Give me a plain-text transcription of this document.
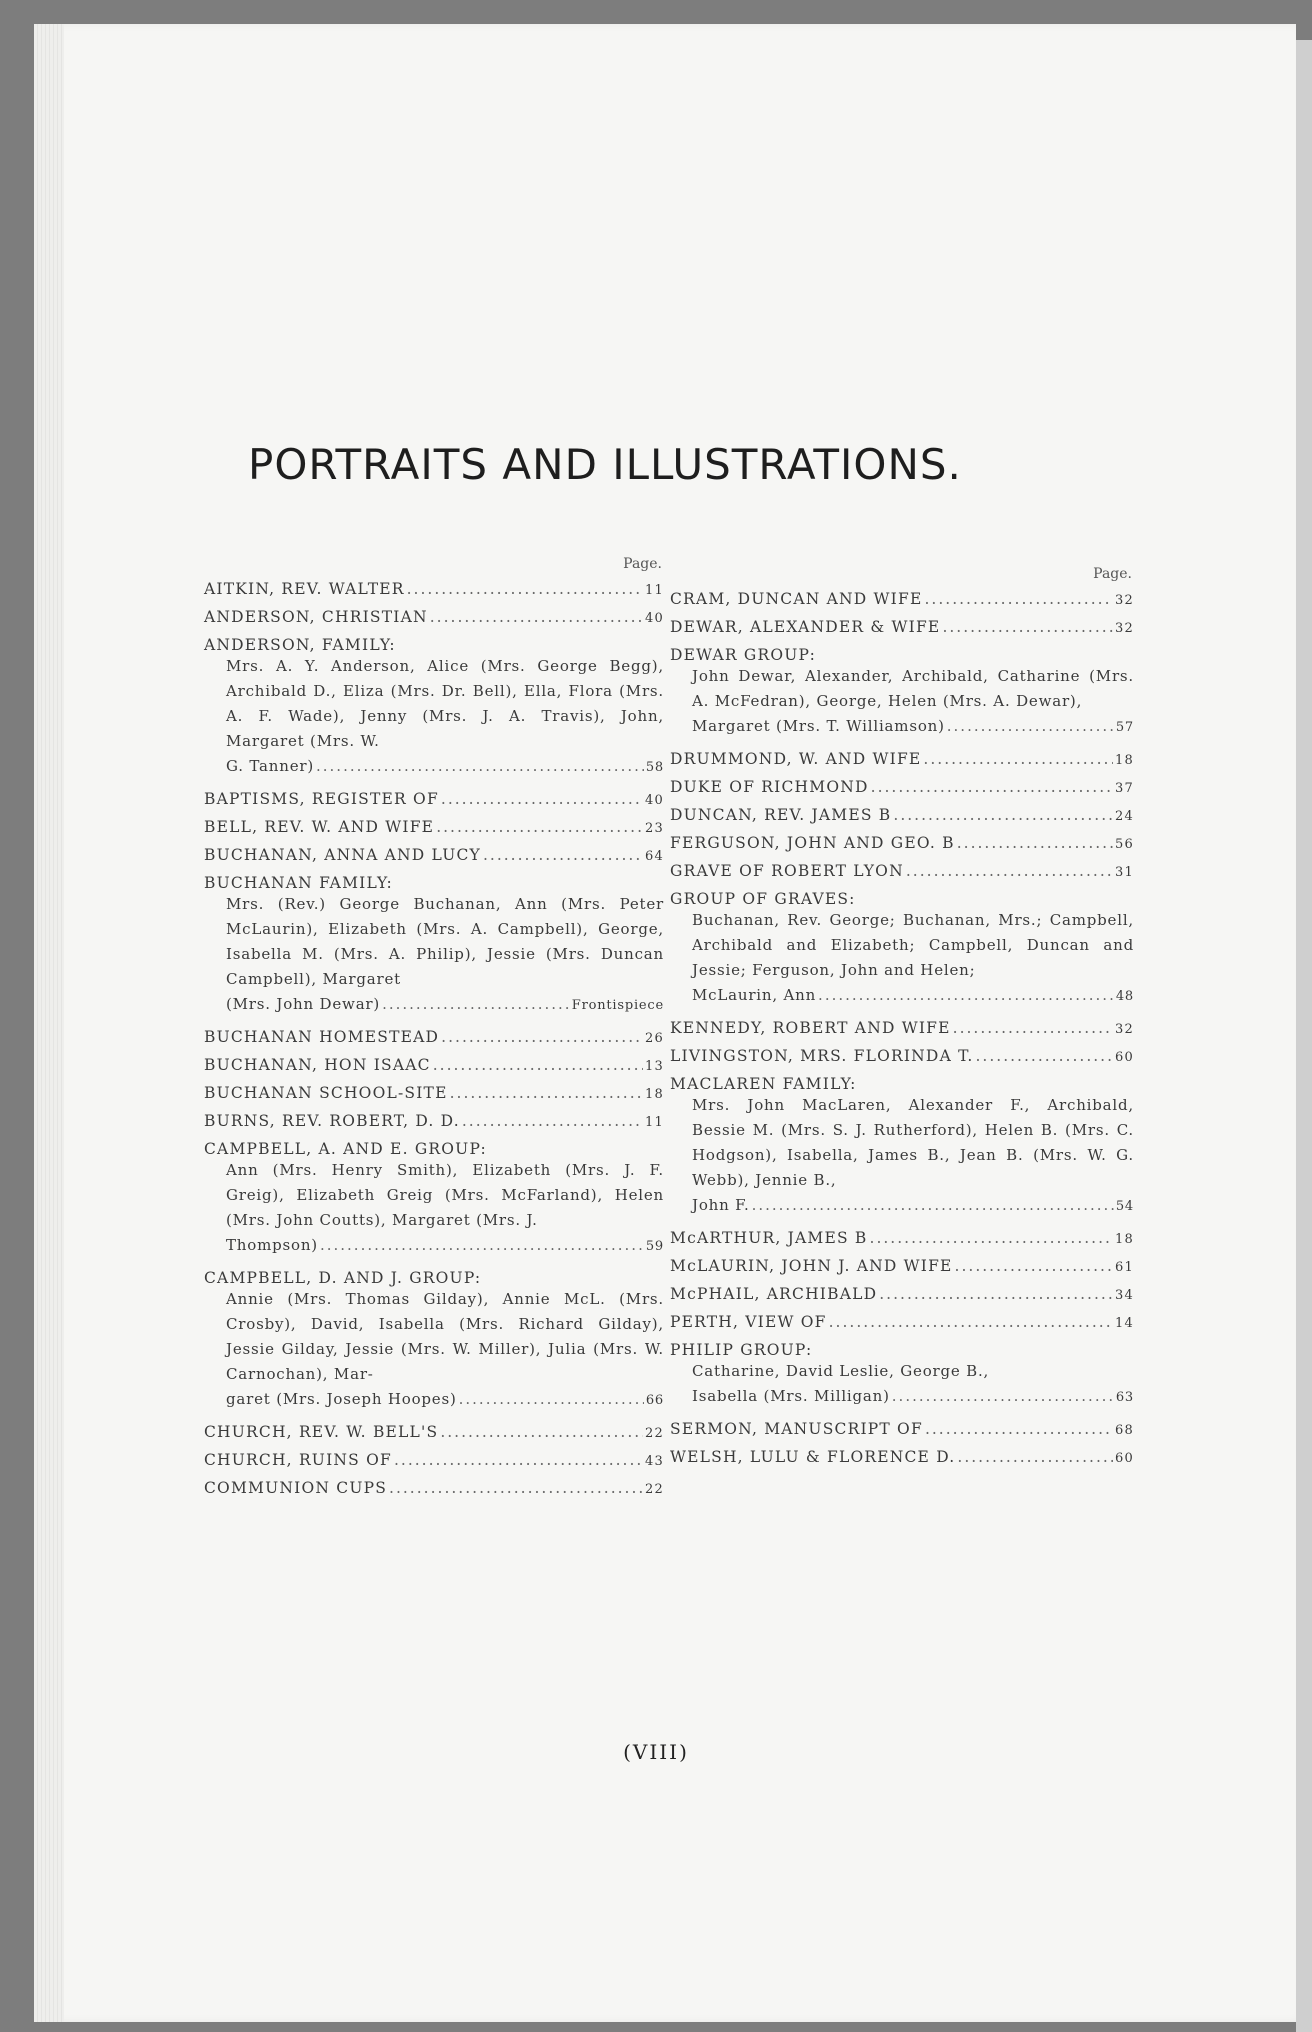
PORTRAITS AND ILLUSTRATIONS.
Page.
AITKIN, REV. WALTER .....	11
ANDERSON, CHRISTIAN .....	40
ANDERSON, FAMILY:
Mrs. A. Y. Anderson, Alice (Mrs. George Begg), Archibald D., Eliza (Mrs. Dr. Bell), Ella, Flora (Mrs. A. F. Wade), Jenny (Mrs. J. A. Travis), John, Margaret (Mrs. W.
G. Tanner) .....	58
BAPTISMS, REGISTER OF .....	40
BELL, REV. W. AND WIFE .....	23
BUCHANAN, ANNA AND LUCY .....	64
BUCHANAN FAMILY:
Mrs. (Rev.) George Buchanan, Ann (Mrs. Peter McLaurin), Elizabeth (Mrs. A. Campbell), George, Isabella M. (Mrs. A. Philip), Jessie (Mrs. Duncan Campbell), Margaret
(Mrs. John Dewar) .....	Frontispiece
BUCHANAN HOMESTEAD .....	26
BUCHANAN, HON ISAAC .....	13
BUCHANAN SCHOOL-SITE .....	18
BURNS, REV. ROBERT, D. D. .....	11
CAMPBELL, A. AND E. GROUP:
Ann (Mrs. Henry Smith), Elizabeth (Mrs. J. F. Greig), Elizabeth Greig (Mrs. McFarland), Helen (Mrs. John Coutts), Margaret (Mrs. J.
Thompson) .....	59
CAMPBELL, D. AND J. GROUP:
Annie (Mrs. Thomas Gilday), Annie McL. (Mrs. Crosby), David, Isabella (Mrs. Richard Gilday), Jessie Gilday, Jessie (Mrs. W. Miller), Julia (Mrs. W. Carnochan), Mar-
garet (Mrs. Joseph Hoopes) .....	66
CHURCH, REV. W. BELL'S .....	22
CHURCH, RUINS OF .....	43
COMMUNION CUPS .....	22
Page.
CRAM, DUNCAN AND WIFE .....	32
DEWAR, ALEXANDER & WIFE .....	32
DEWAR GROUP:
John Dewar, Alexander, Archibald, Catharine (Mrs. A. McFedran), George, Helen (Mrs. A. Dewar),
Margaret (Mrs. T. Williamson) .....	57
DRUMMOND, W. AND WIFE .....	18
DUKE OF RICHMOND .....	37
DUNCAN, REV. JAMES B .....	24
FERGUSON, JOHN AND GEO. B .....	56
GRAVE OF ROBERT LYON .....	31
GROUP OF GRAVES:
Buchanan, Rev. George; Buchanan, Mrs.; Campbell, Archibald and Elizabeth; Campbell, Duncan and Jessie; Ferguson, John and Helen;
McLaurin, Ann .....	48
KENNEDY, ROBERT AND WIFE .....	32
LIVINGSTON, MRS. FLORINDA T. .....	60
MACLAREN FAMILY:
Mrs. John MacLaren, Alexander F., Archibald, Bessie M. (Mrs. S. J. Rutherford), Helen B. (Mrs. C. Hodgson), Isabella, James B., Jean B. (Mrs. W. G. Webb), Jennie B.,
John F. .....	54
McARTHUR, JAMES B .....	18
McLAURIN, JOHN J. AND WIFE .....	61
McPHAIL, ARCHIBALD .....	34
PERTH, VIEW OF .....	14
PHILIP GROUP:
Catharine, David Leslie, George B.,
Isabella (Mrs. Milligan) .....	63
SERMON, MANUSCRIPT OF .....	68
WELSH, LULU & FLORENCE D. .....	60
(VIII)
